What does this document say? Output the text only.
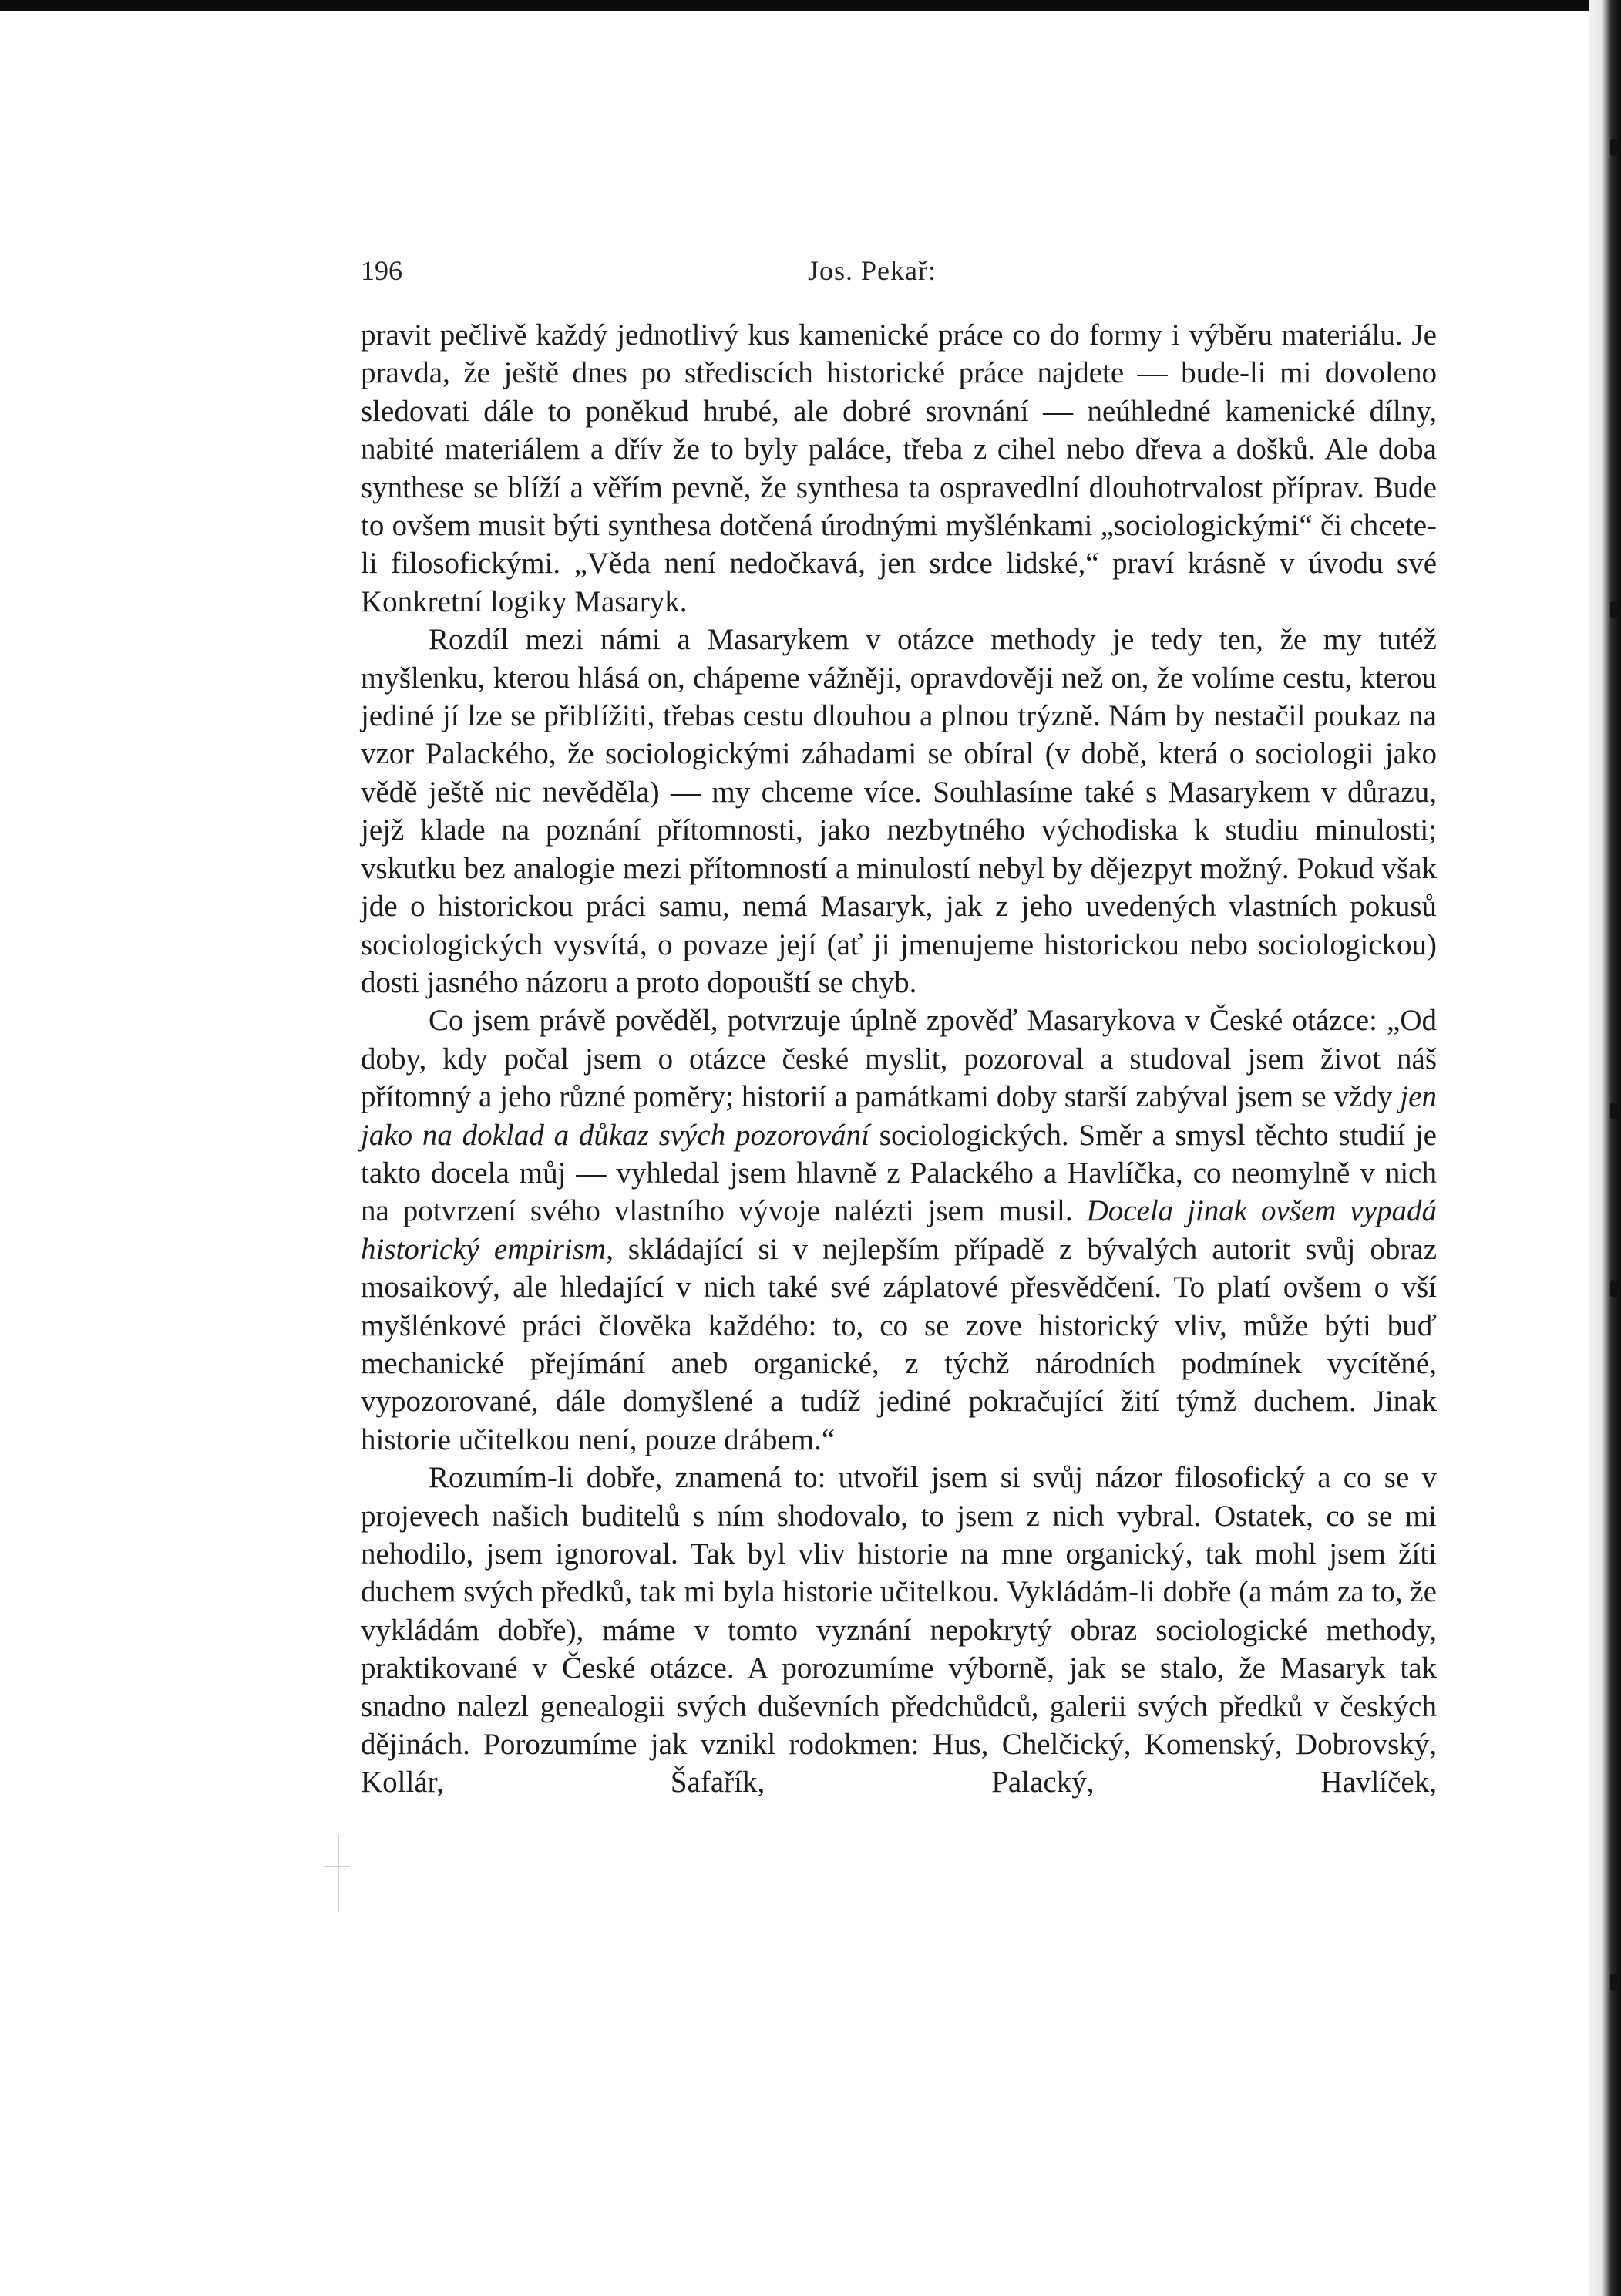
196	Jos. Pekař:

pravit pečlivě každý jednotlivý kus kamenické práce co do formy i výběru materiálu. Je pravda, že ještě dnes po střediscích historické práce najdete — bude-li mi dovoleno sledovati dále to poněkud hrubé, ale dobré srovnání — neúhledné kamenické dílny, nabité materiálem a dřív že to byly paláce, třeba z cihel nebo dřeva a došků. Ale doba synthese se blíží a věřím pevně, že synthesa ta ospravedlní dlouhotrvalost příprav. Bude to ovšem musit býti synthesa dotčená úrodnými myšlénkami „sociologickými“ či chcete-li filosofickými. „Věda není nedočkavá, jen srdce lidské,“ praví krásně v úvodu své Konkretní logiky Masaryk.

Rozdíl mezi námi a Masarykem v otázce methody je tedy ten, že my tutéž myšlenku, kterou hlásá on, chápeme vážněji, opravdověji než on, že volíme cestu, kterou jediné jí lze se přiblížiti, třebas cestu dlouhou a plnou trýzně. Nám by nestačil poukaz na vzor Palackého, že sociologickými záhadami se obíral (v době, která o sociologii jako vědě ještě nic nevěděla) — my chceme více. Souhlasíme také s Masarykem v důrazu, jejž klade na poznání přítomnosti, jako nezbytného východiska k studiu minulosti; vskutku bez analogie mezi přítomností a minulostí nebyl by dějezpyt možný. Pokud však jde o historickou práci samu, nemá Masaryk, jak z jeho uvedených vlastních pokusů sociologických vysvítá, o povaze její (ať ji jmenujeme historickou nebo sociologickou) dosti jasného názoru a proto dopouští se chyb.

Co jsem právě pověděl, potvrzuje úplně zpověď Masarykova v České otázce: „Od doby, kdy počal jsem o otázce české myslit, pozoroval a studoval jsem život náš přítomný a jeho různé poměry; historií a památkami doby starší zabýval jsem se vždy jen jako na doklad a důkaz svých pozorování sociologických. Směr a smysl těchto studií je takto docela můj — vyhledal jsem hlavně z Palackého a Havlíčka, co neomylně v nich na potvrzení svého vlastního vývoje nalézti jsem musil. Docela jinak ovšem vypadá historický empirism, skládající si v nejlepším případě z bývalých autorit svůj obraz mosaikový, ale hledající v nich také své záplatové přesvědčení. To platí ovšem o vší myšlénkové práci člověka každého: to, co se zove historický vliv, může býti buď mechanické přejímání aneb organické, z týchž národních podmínek vycítěné, vypozorované, dále domyšlené a tudíž jediné pokračující žití týmž duchem. Jinak historie učitelkou není, pouze drábem.“

Rozumím-li dobře, znamená to: utvořil jsem si svůj názor filosofický a co se v projevech našich buditelů s ním shodovalo, to jsem z nich vybral. Ostatek, co se mi nehodilo, jsem ignoroval. Tak byl vliv historie na mne organický, tak mohl jsem žíti duchem svých předků, tak mi byla historie učitelkou. Vykládám-li dobře (a mám za to, že vykládám dobře), máme v tomto vyznání nepokrytý obraz sociologické methody, praktikované v České otázce. A porozumíme výborně, jak se stalo, že Masaryk tak snadno nalezl genealogii svých duševních předchůdců, galerii svých předků v českých dějinách. Porozumíme jak vznikl rodokmen: Hus, Chelčický, Komenský, Dobrovský, Kollár, Šafařík, Palacký, Havlíček,
